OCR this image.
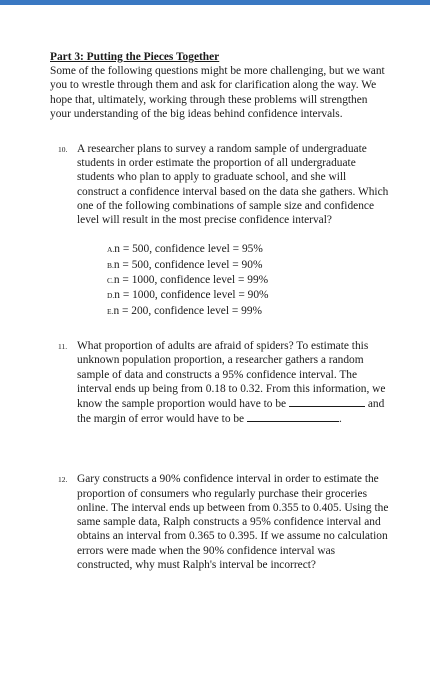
Part 3: Putting the Pieces Together

Some of the following questions might be more challenging, but we want you to wrestle through them and ask for clarification along the way. We hope that, ultimately, working through these problems will strengthen your understanding of the big ideas behind confidence intervals.

10. A researcher plans to survey a random sample of undergraduate students in order estimate the proportion of all undergraduate students who plan to apply to graduate school, and she will construct a confidence interval based on the data she gathers. Which one of the following combinations of sample size and confidence level will result in the most precise confidence interval?

A.n = 500, confidence level = 95%
B.n = 500, confidence level = 90%
C.n = 1000, confidence level = 99%
D.n = 1000, confidence level = 90%
E.n = 200, confidence level = 99%
11. What proportion of adults are afraid of spiders? To estimate this unknown population proportion, a researcher gathers a random sample of data and constructs a 95% confidence interval. The interval ends up being from 0.18 to 0.32. From this information, we know the sample proportion would have to be	and the margin of error would have to be	.

12. Gary constructs a 90% confidence interval in order to estimate the proportion of consumers who regularly purchase their groceries online. The interval ends up between from 0.355 to 0.405. Using the same sample data, Ralph constructs a 95% confidence interval and obtains an interval from 0.365 to 0.395. If we assume no calculation errors were made when the 90% confidence interval was constructed, why must Ralph's interval be incorrect?
